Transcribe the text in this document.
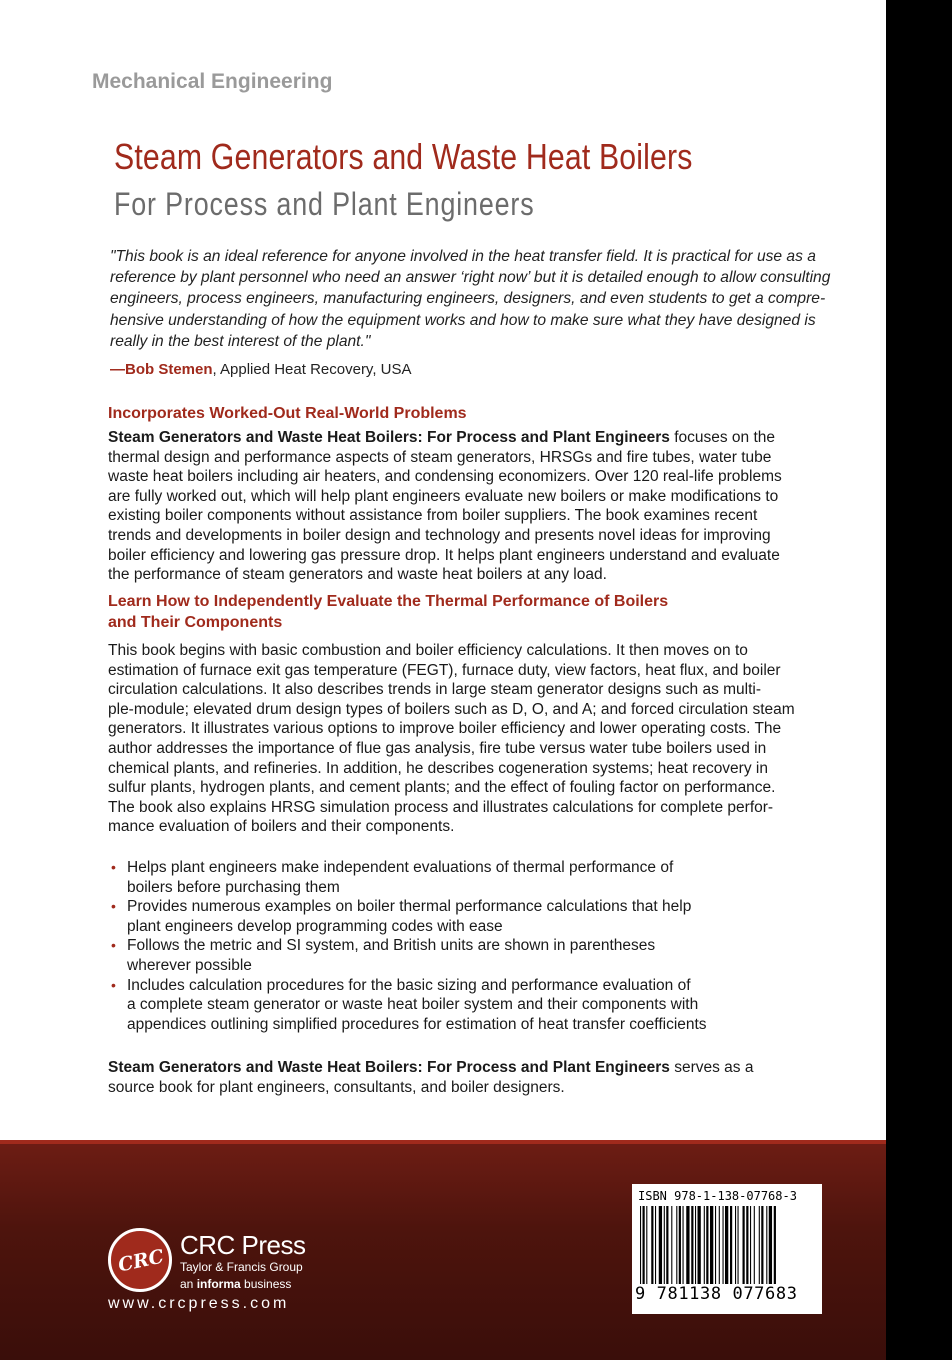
Mechanical Engineering
Steam Generators and Waste Heat Boilers
For Process and Plant Engineers
"This book is an ideal reference for anyone involved in the heat transfer field. It is practical for use as a
reference by plant personnel who need an answer ‘right now’ but it is detailed enough to allow consulting
engineers, process engineers, manufacturing engineers, designers, and even students to get a compre-
hensive understanding of how the equipment works and how to make sure what they have designed is
really in the best interest of the plant."
—Bob Stemen, Applied Heat Recovery, USA
Incorporates Worked-Out Real-World Problems
Steam Generators and Waste Heat Boilers: For Process and Plant Engineers focuses on the
thermal design and performance aspects of steam generators, HRSGs and fire tubes, water tube
waste heat boilers including air heaters, and condensing economizers. Over 120 real-life problems
are fully worked out, which will help plant engineers evaluate new boilers or make modifications to
existing boiler components without assistance from boiler suppliers. The book examines recent
trends and developments in boiler design and technology and presents novel ideas for improving
boiler efficiency and lowering gas pressure drop. It helps plant engineers understand and evaluate
the performance of steam generators and waste heat boilers at any load.
Learn How to Independently Evaluate the Thermal Performance of Boilers
and Their Components
This book begins with basic combustion and boiler efficiency calculations. It then moves on to
estimation of furnace exit gas temperature (FEGT), furnace duty, view factors, heat flux, and boiler
circulation calculations. It also describes trends in large steam generator designs such as multi-
ple-module; elevated drum design types of boilers such as D, O, and A; and forced circulation steam
generators. It illustrates various options to improve boiler efficiency and lower operating costs. The
author addresses the importance of flue gas analysis, fire tube versus water tube boilers used in
chemical plants, and refineries. In addition, he describes cogeneration systems; heat recovery in
sulfur plants, hydrogen plants, and cement plants; and the effect of fouling factor on performance.
The book also explains HRSG simulation process and illustrates calculations for complete perfor-
mance evaluation of boilers and their components.
• Helps plant engineers make independent evaluations of thermal performance of
boilers before purchasing them
• Provides numerous examples on boiler thermal performance calculations that help
plant engineers develop programming codes with ease
• Follows the metric and SI system, and British units are shown in parentheses
wherever possible
• Includes calculation procedures for the basic sizing and performance evaluation of
a complete steam generator or waste heat boiler system and their components with
appendices outlining simplified procedures for estimation of heat transfer coefficients
Steam Generators and Waste Heat Boilers: For Process and Plant Engineers serves as a
source book for plant engineers, consultants, and boiler designers.
CRC
CRC Press
Taylor & Francis Group
an informa business
www.crcpress.com
ISBN 978-1-138-07768-3
9 781138 077683
